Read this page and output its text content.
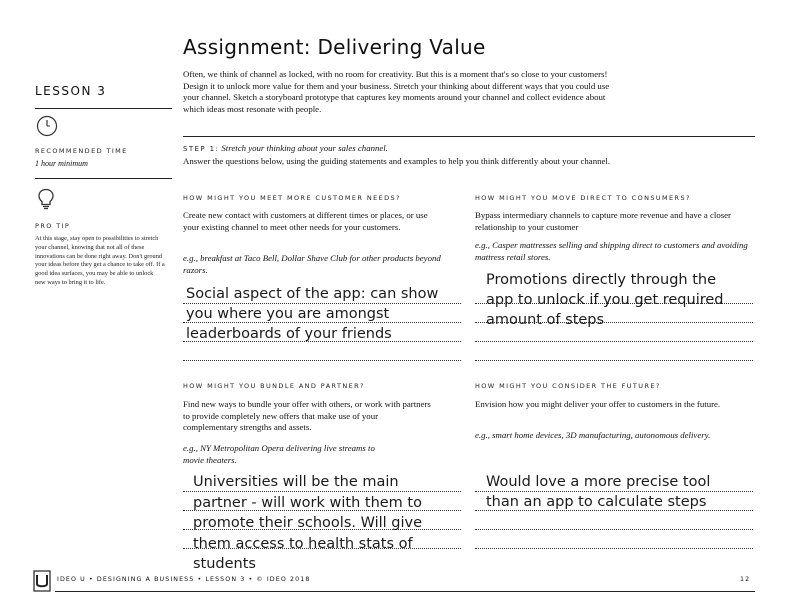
Assignment: Delivering Value
LESSON 3
RECOMMENDED TIME
1 hour minimum
PRO TIP
At this stage, stay open to possibilities to stretch your channel, knowing that not all of these innovations can be done right away. Don't ground your ideas before they get a chance to take off. If a good idea surfaces, you may be able to unlock new ways to bring it to life.
Often, we think of channel as locked, with no room for creativity. But this is a moment that's so close to your customers! Design it to unlock more value for them and your business. Stretch your thinking about different ways that you could use your channel. Sketch a storyboard prototype that captures key moments around your channel and collect evidence about which ideas most resonate with people.
STEP 1: Stretch your thinking about your sales channel.
Answer the questions below, using the guiding statements and examples to help you think differently about your channel.
HOW MIGHT YOU MEET MORE CUSTOMER NEEDS?
Create new contact with customers at different times or places, or use your existing channel to meet other needs for your customers.
e.g., breakfast at Taco Bell, Dollar Shave Club for other products beyond razors.
Social aspect of the app: can show
you where you are amongst
leaderboards of your friends
HOW MIGHT YOU MOVE DIRECT TO CONSUMERS?
Bypass intermediary channels to capture more revenue and have a closer relationship to your customer
e.g., Casper mattresses selling and shipping direct to customers and avoiding mattress retail stores.
Promotions directly through the
app to unlock if you get required
amount of steps
HOW MIGHT YOU BUNDLE AND PARTNER?
Find new ways to bundle your offer with others, or work with partners to provide completely new offers that make use of your complementary strengths and assets.
e.g., NY Metropolitan Opera delivering live streams to movie theaters.
Universities will be the main
partner - will work with them to
promote their schools. Will give
them access to health stats of
students
HOW MIGHT YOU CONSIDER THE FUTURE?
Envision how you might deliver your offer to customers in the future.
e.g., smart home devices, 3D manufacturing, autonomous delivery.
Would love a more precise tool
than an app to calculate steps
IDEO U • DESIGNING A BUSINESS • LESSON 3 • © IDEO 2018	12
